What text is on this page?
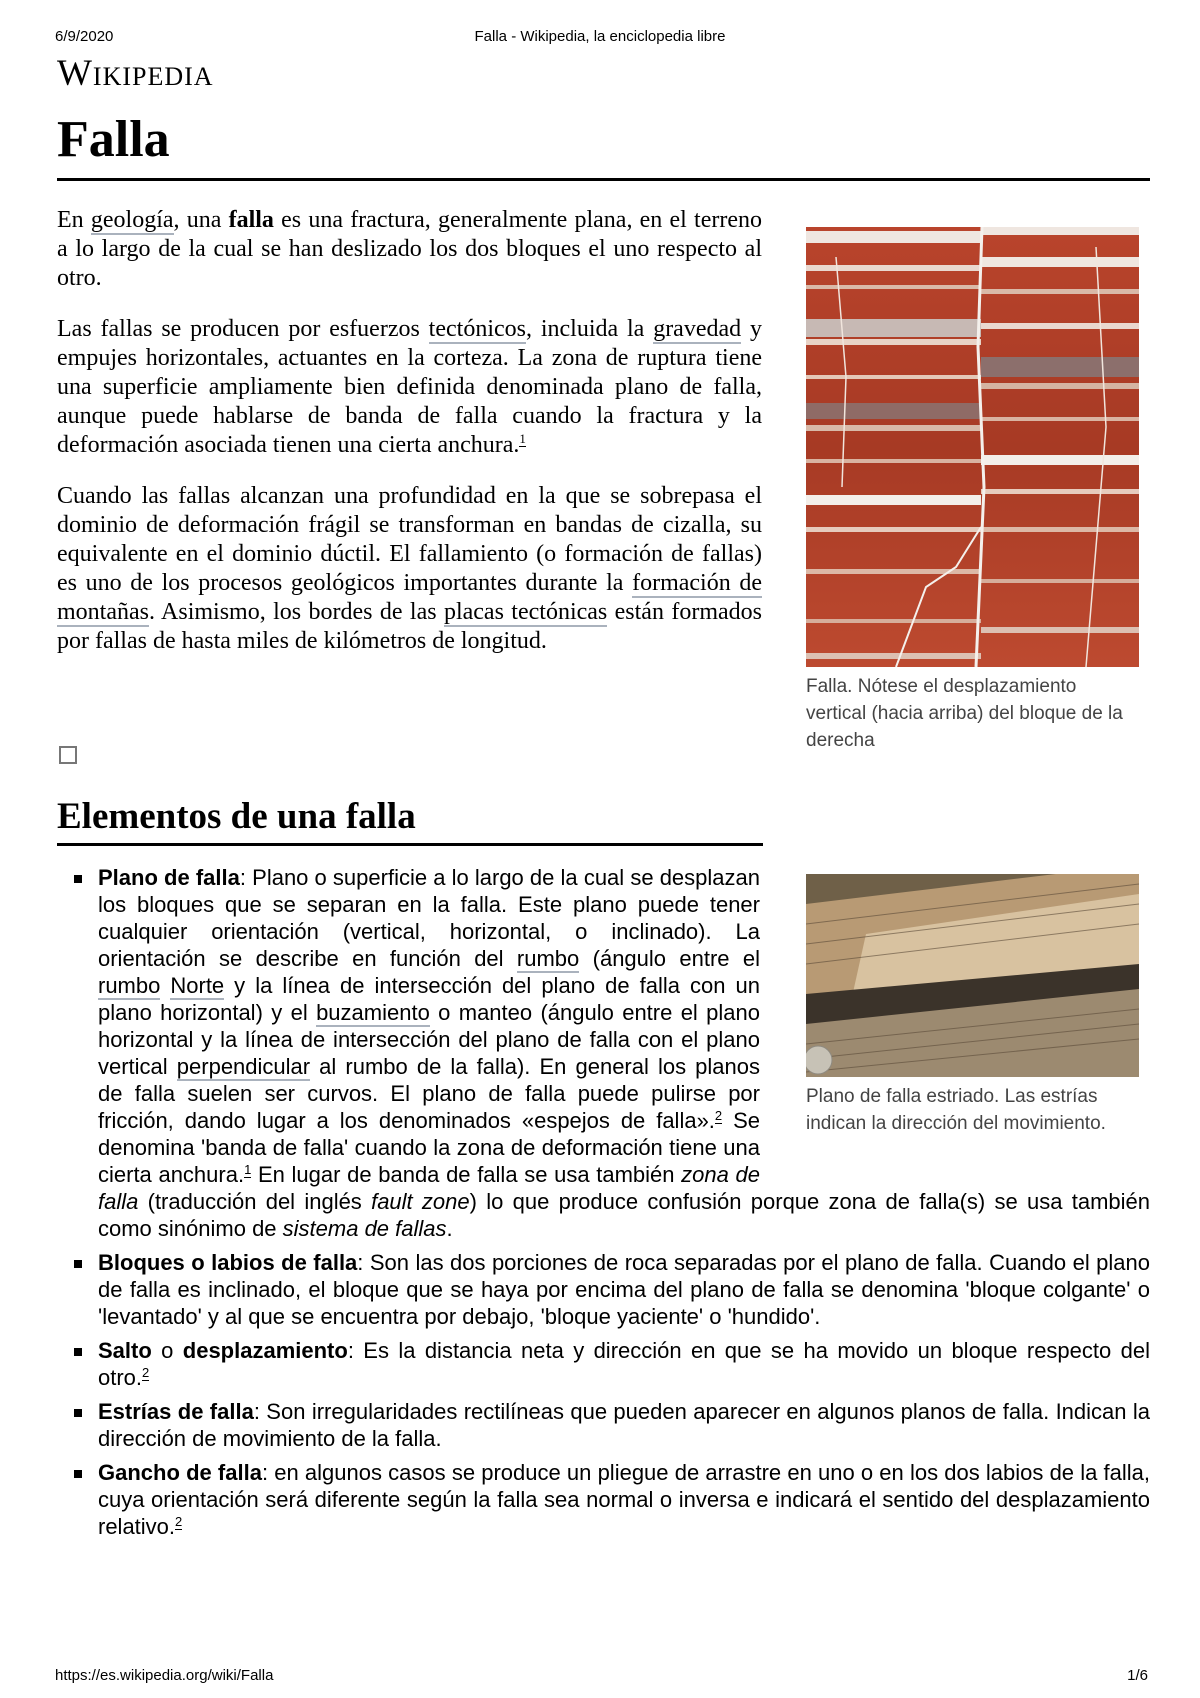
6/9/2020	Falla - Wikipedia, la enciclopedia libre
Wikipedia
Falla

En geología, una falla es una fractura, generalmente plana, en el terreno a lo largo de la cual se han deslizado los dos bloques el uno respecto al otro.

Las fallas se producen por esfuerzos tectónicos, incluida la gravedad y empujes horizontales, actuantes en la corteza. La zona de ruptura tiene una superficie ampliamente bien definida denominada plano de falla, aunque puede hablarse de banda de falla cuando la fractura y la deformación asociada tienen una cierta anchura.$^1$

Cuando las fallas alcanzan una profundidad en la que se sobrepasa el dominio de deformación frágil se transforman en bandas de cizalla, su equivalente en el dominio dúctil. El fallamiento (o formación de fallas) es uno de los procesos geológicos importantes durante la formación de montañas. Asimismo, los bordes de las placas tectónicas están formados por fallas de hasta miles de kilómetros de longitud.

Falla. Nótese el desplazamiento vertical (hacia arriba) del bloque de la derecha
Plano de falla estriado. Las estrías indican la dirección del movimiento.
Elementos de una falla
Plano de falla: Plano o superficie a lo largo de la cual se desplazan los bloques que se separan en la falla. Este plano puede tener cualquier orientación (vertical, horizontal, o inclinado). La orientación se describe en función del rumbo (ángulo entre el rumbo Norte y la línea de intersección del plano de falla con un plano horizontal) y el buzamiento o manteo (ángulo entre el plano horizontal y la línea de intersección del plano de falla con el plano vertical perpendicular al rumbo de la falla). En general los planos de falla suelen ser curvos. El plano de falla puede pulirse por fricción, dando lugar a los denominados «espejos de falla».$^2$ Se denomina 'banda de falla' cuando la zona de deformación tiene una cierta anchura.$^1$ En lugar de banda de falla se usa también zona de falla (traducción del inglés fault zone) lo que produce confusión porque zona de falla(s) se usa también como sinónimo de sistema de fallas.
Bloques o labios de falla: Son las dos porciones de roca separadas por el plano de falla. Cuando el plano de falla es inclinado, el bloque que se haya por encima del plano de falla se denomina 'bloque colgante' o 'levantado' y al que se encuentra por debajo, 'bloque yaciente' o 'hundido'.
Salto o desplazamiento: Es la distancia neta y dirección en que se ha movido un bloque respecto del otro.$^2$
Estrías de falla: Son irregularidades rectilíneas que pueden aparecer en algunos planos de falla. Indican la dirección de movimiento de la falla.
Gancho de falla: en algunos casos se produce un pliegue de arrastre en uno o en los dos labios de la falla, cuya orientación será diferente según la falla sea normal o inversa e indicará el sentido del desplazamiento relativo.$^2$
https://es.wikipedia.org/wiki/Falla	1/6
